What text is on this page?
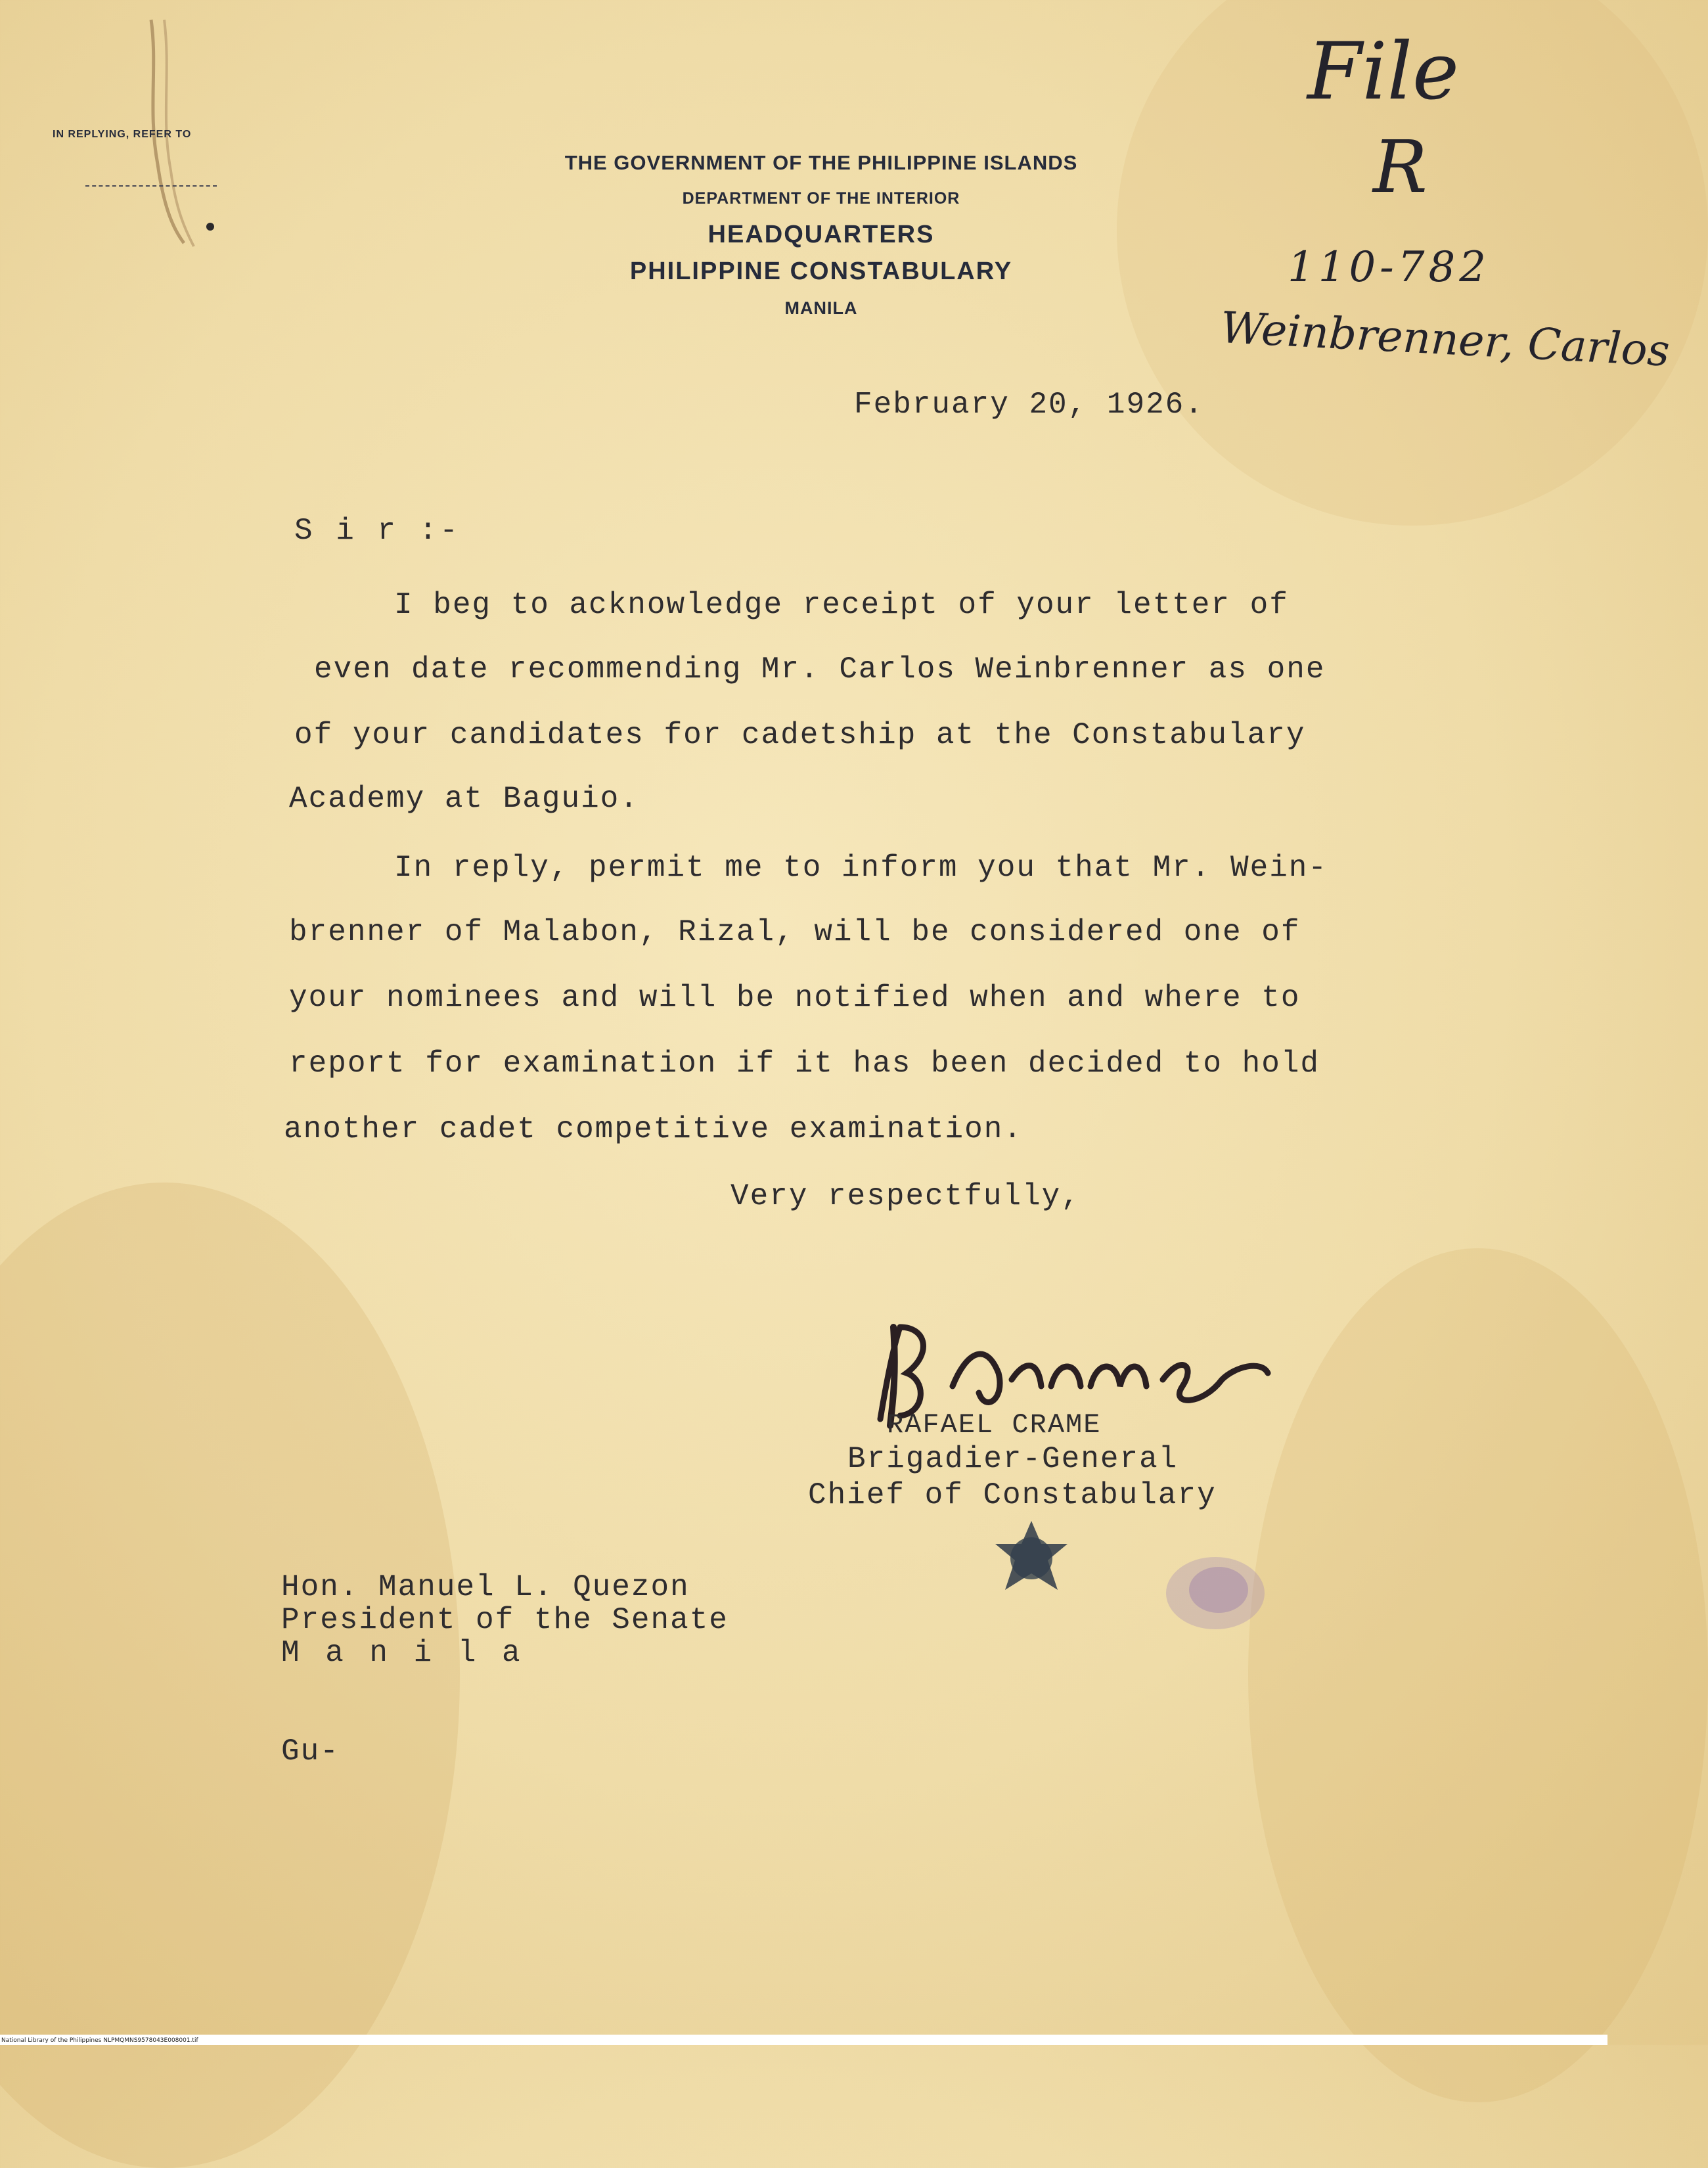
IN REPLYING, REFER TO
THE GOVERNMENT OF THE PHILIPPINE ISLANDS
DEPARTMENT OF THE INTERIOR
HEADQUARTERS
PHILIPPINE CONSTABULARY
MANILA
File
R
110-782
Weinbrenner, Carlos
February 20, 1926.
S i r :-
I beg to acknowledge receipt of your letter of
even date recommending Mr. Carlos Weinbrenner as one
of your candidates for cadetship at the Constabulary
Academy at Baguio.
In reply, permit me to inform you that Mr. Wein-
brenner of Malabon, Rizal, will be considered one of
your nominees and will be notified when and where to
report for examination if it has been decided to hold
another cadet competitive examination.
Very respectfully,
RAFAEL CRAME
Brigadier-General
Chief of Constabulary
Hon. Manuel L. Quezon
President of the Senate
M a n i l a
Gu-
National Library of the Philippines NLPMQMNS9578043E008001.tif
